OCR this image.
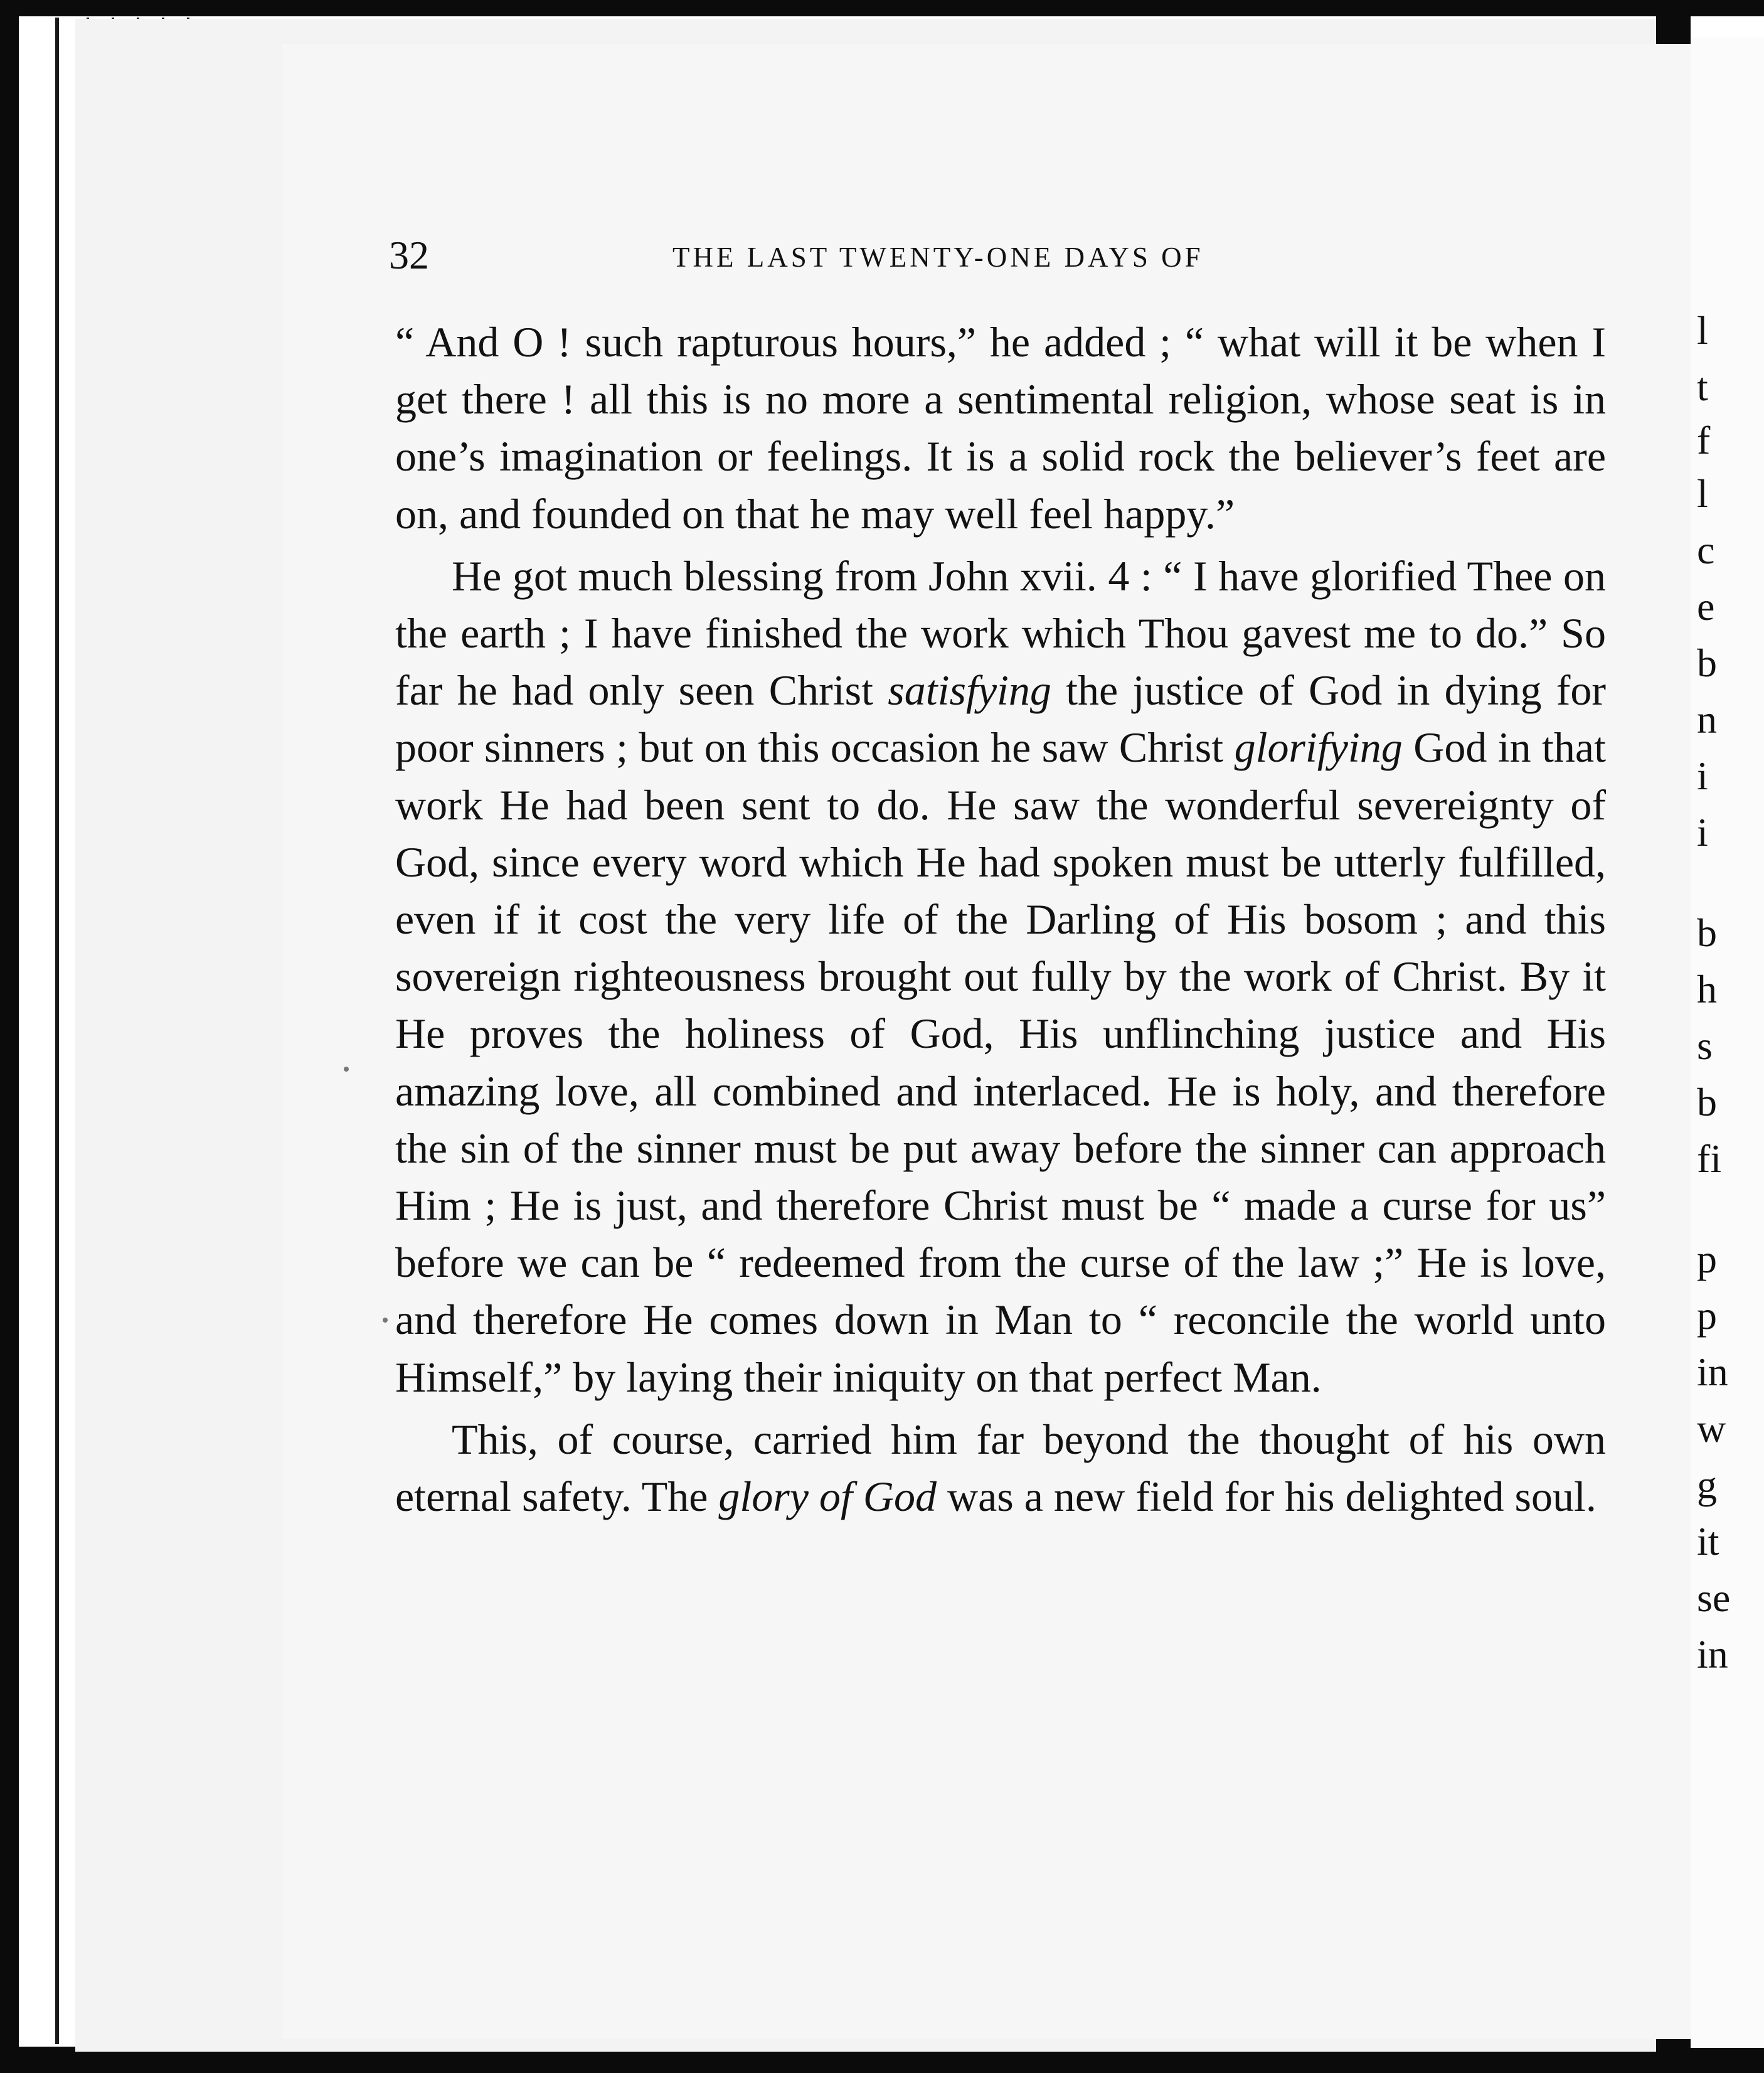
l
t
f
l
c
e
b
n
i
i
b
h
s
b
fi
p
p
in
w
g
it
se
in
32	THE LAST TWENTY-ONE DAYS OF

“ And O ! such rapturous hours,” he added ; “ what will it be when I get there ! all this is no more a sentimental religion, whose seat is in one’s imagination or feelings. It is a solid rock the believer’s feet are on, and founded on that he may well feel happy.”

He got much blessing from John xvii. 4 : “ I have glorified Thee on the earth ; I have finished the work which Thou gavest me to do.” So far he had only seen Christ satisfying the justice of God in dying for poor sinners ; but on this occasion he saw Christ glorifying God in that work He had been sent to do. He saw the wonderful severeignty of God, since every word which He had spoken must be utterly fulfilled, even if it cost the very life of the Darling of His bosom ; and this sovereign righteousness brought out fully by the work of Christ. By it He proves the holiness of God, His unflinching justice and His amazing love, all combined and interlaced. He is holy, and therefore the sin of the sinner must be put away before the sinner can approach Him ; He is just, and therefore Christ must be “ made a curse for us” before we can be “ redeemed from the curse of the law ;” He is love, and therefore He comes down in Man to “ reconcile the world unto Himself,” by laying their iniquity on that perfect Man.

This, of course, carried him far beyond the thought of his own eternal safety. The glory of God was a new field for his delighted soul.
